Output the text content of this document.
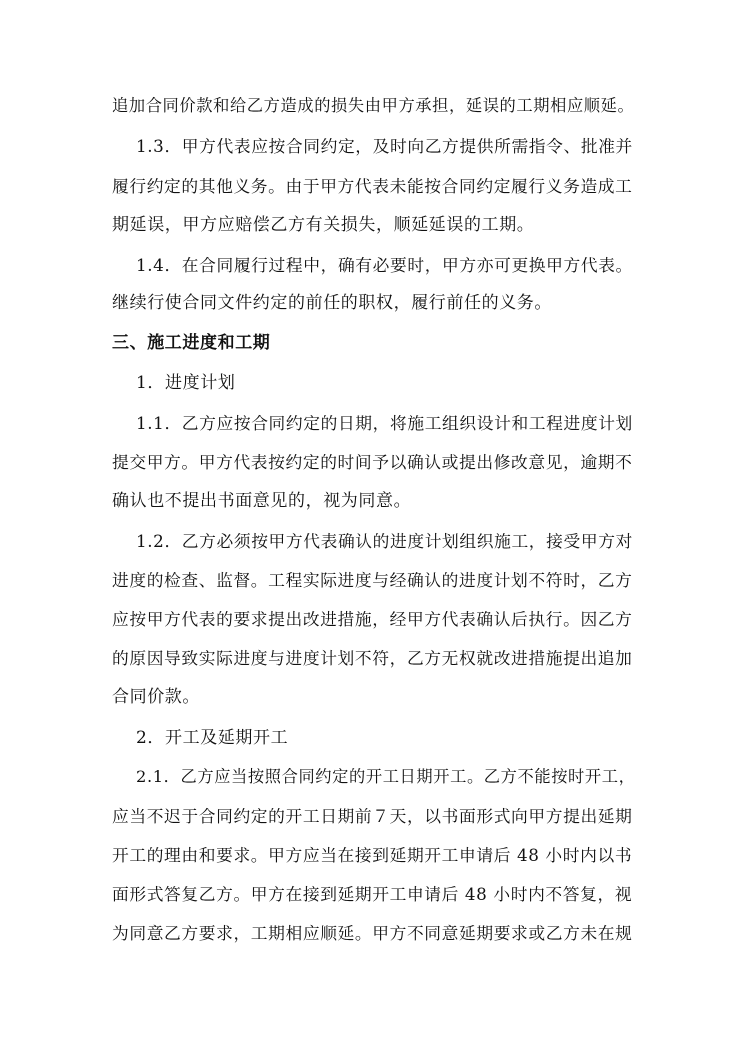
追加合同价款和给乙方造成的损失由甲方承担，延误的工期相应顺延。
1.3．甲方代表应按合同约定，及时向乙方提供所需指令、批准并
履行约定的其他义务。由于甲方代表未能按合同约定履行义务造成工
期延误，甲方应赔偿乙方有关损失，顺延延误的工期。
1.4．在合同履行过程中，确有必要时，甲方亦可更换甲方代表。
继续行使合同文件约定的前任的职权，履行前任的义务。
三、施工进度和工期
1．进度计划
1.1．乙方应按合同约定的日期，将施工组织设计和工程进度计划
提交甲方。甲方代表按约定的时间予以确认或提出修改意见，逾期不
确认也不提出书面意见的，视为同意。
1.2．乙方必须按甲方代表确认的进度计划组织施工，接受甲方对
进度的检查、监督。工程实际进度与经确认的进度计划不符时，乙方
应按甲方代表的要求提出改进措施，经甲方代表确认后执行。因乙方
的原因导致实际进度与进度计划不符，乙方无权就改进措施提出追加
合同价款。
2．开工及延期开工
2.1．乙方应当按照合同约定的开工日期开工。乙方不能按时开工，
应当不迟于合同约定的开工日期前７天，以书面形式向甲方提出延期
开工的理由和要求。甲方应当在接到延期开工申请后 48 小时内以书
面形式答复乙方。甲方在接到延期开工申请后 48 小时内不答复，视
为同意乙方要求，工期相应顺延。甲方不同意延期要求或乙方未在规
